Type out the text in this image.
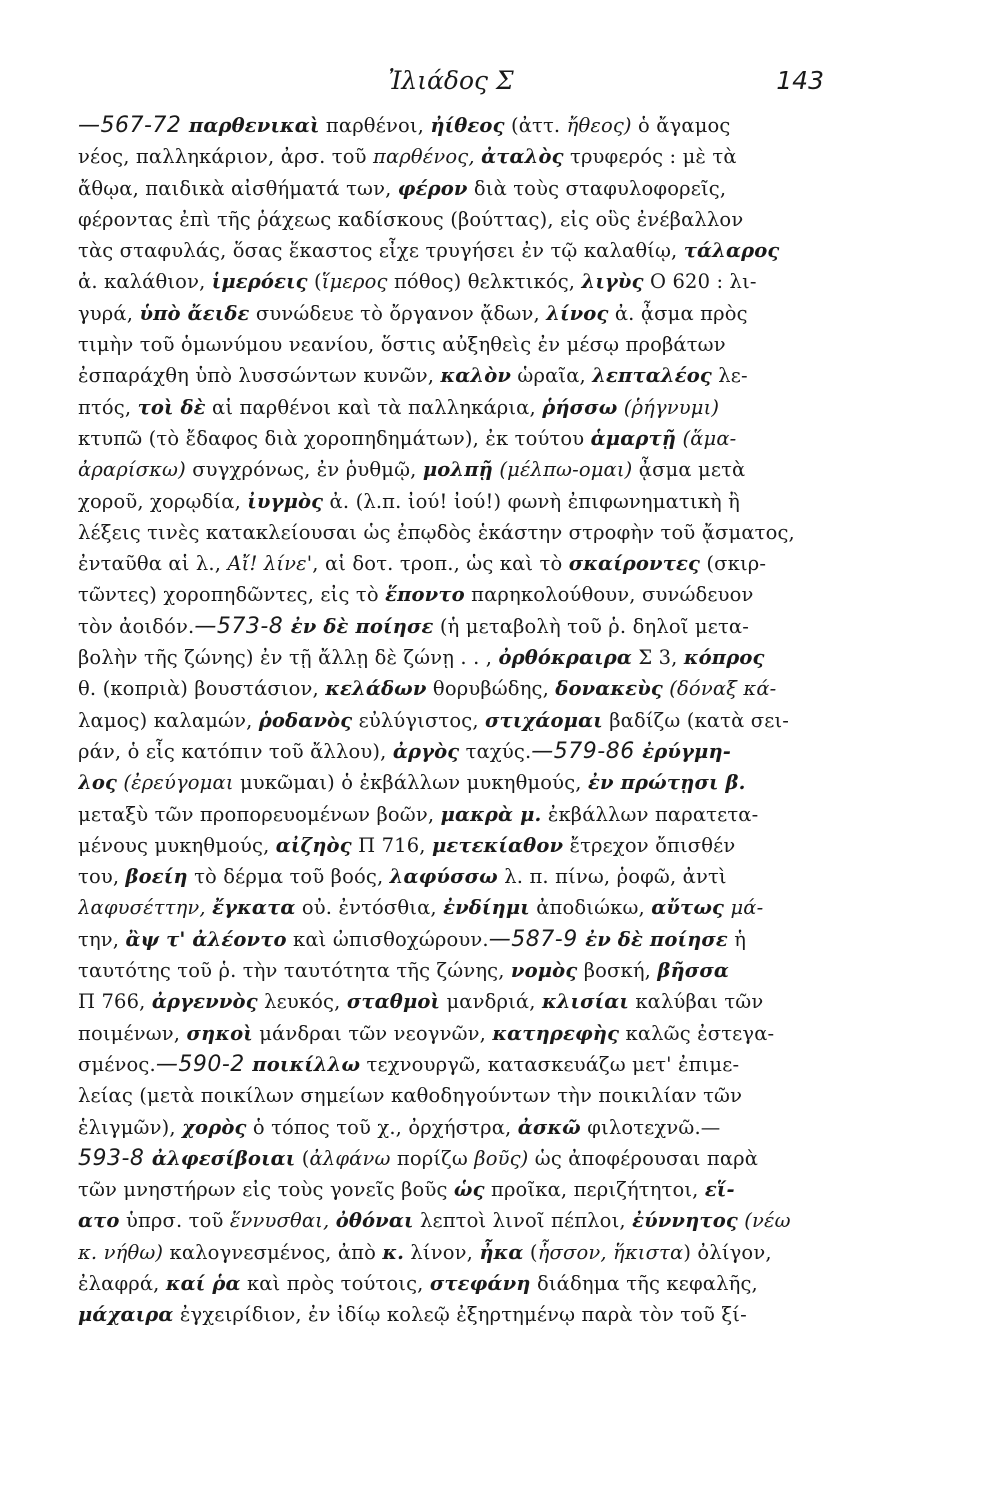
Ἰλιάδος Σ	143
—567-72 παρθενικαὶ παρθένοι, ἠίθεος (ἀττ. ἤθεος) ὁ ἄγαμος
νέος, παλληκάριον, ἀρσ. τοῦ παρθένος, ἀταλὸς τρυφερός : μὲ τὰ
ἄθῳα, παιδικὰ αἰσθήματά των, φέρον διὰ τοὺς σταφυλοφορεῖς,
φέροντας ἐπὶ τῆς ῥάχεως καδίσκους (βούττας), εἰς οὓς ἐνέβαλλον
τὰς σταφυλάς, ὅσας ἕκαστος εἶχε τρυγήσει ἐν τῷ καλαθίῳ, τάλαρος
ἀ. καλάθιον, ἱμερόεις (ἵμερος πόθος) θελκτικός, λιγὺς Ο 620 : λι-
γυρά, ὑπὸ ἄειδε συνώδευε τὸ ὄργανον ᾄδων, λίνος ἀ. ᾆσμα πρὸς
τιμὴν τοῦ ὁμωνύμου νεανίου, ὅστις αὐξηθεὶς ἐν μέσῳ προβάτων
ἐσπαράχθη ὑπὸ λυσσώντων κυνῶν, καλὸν ὡραῖα, λεπταλέος λε-
πτός, τοὶ δὲ αἱ παρθένοι καὶ τὰ παλληκάρια, ῥήσσω (ῥήγνυμι)
κτυπῶ (τὸ ἔδαφος διὰ χοροπηδημάτων), ἐκ τούτου ἁμαρτῇ (ἅμα-
ἀραρίσκω) συγχρόνως, ἐν ῥυθμῷ, μολπῇ (μέλπω-ομαι) ᾆσμα μετὰ
χοροῦ, χορῳδία, ἰυγμὸς ἀ. (λ.π. ἰού! ἰού!) φωνὴ ἐπιφωνηματικὴ ἢ
λέξεις τινὲς κατακλείουσαι ὡς ἐπῳδὸς ἑκάστην στροφὴν τοῦ ᾄσματος,
ἐνταῦθα αἱ λ., Αἴ! λίνε', αἱ δοτ. τροπ., ὡς καὶ τὸ σκαίροντες (σκιρ-
τῶντες) χοροπηδῶντες, εἰς τὸ ἕποντο παρηκολούθουν, συνώδευον
τὸν ἀοιδόν.—573-8 ἐν δὲ ποίησε (ἡ μεταβολὴ τοῦ ῥ. δηλοῖ μετα-
βολὴν τῆς ζώνης) ἐν τῇ ἄλλῃ δὲ ζώνῃ . . , ὀρθόκραιρα Σ 3, κόπρος
θ. (κοπριὰ) βουστάσιον, κελάδων θορυβώδης, δονακεὺς (δόναξ κά-
λαμος) καλαμών, ῥοδανὸς εὐλύγιστος, στιχάομαι βαδίζω (κατὰ σει-
ράν, ὁ εἷς κατόπιν τοῦ ἄλλου), ἀργὸς ταχύς.—579-86 ἐρύγμη-
λος (ἐρεύγομαι μυκῶμαι) ὁ ἐκβάλλων μυκηθμούς, ἐν πρώτῃσι β.
μεταξὺ τῶν προπορευομένων βοῶν, μακρὰ μ. ἐκβάλλων παρατετα-
μένους μυκηθμούς, αἰζηὸς Π 716, μετεκίαθον ἔτρεχον ὄπισθέν
του, βοείη τὸ δέρμα τοῦ βοός, λαφύσσω λ. π. πίνω, ῥοφῶ, ἀντὶ
λαφυσέττην, ἔγκατα οὐ. ἐντόσθια, ἐνδίημι ἀποδιώκω, αὔτως μά-
την, ἂψ τ' ἀλέοντο καὶ ὠπισθοχώρουν.—587-9 ἐν δὲ ποίησε ἡ
ταυτότης τοῦ ῥ. τὴν ταυτότητα τῆς ζώνης, νομὸς βοσκή, βῆσσα
Π 766, ἀργεννὸς λευκός, σταθμοὶ μανδριά, κλισίαι καλύβαι τῶν
ποιμένων, σηκοὶ μάνδραι τῶν νεογνῶν, κατηρεφὴς καλῶς ἐστεγα-
σμένος.—590-2 ποικίλλω τεχνουργῶ, κατασκευάζω μετ' ἐπιμε-
λείας (μετὰ ποικίλων σημείων καθοδηγούντων τὴν ποικιλίαν τῶν
ἑλιγμῶν), χορὸς ὁ τόπος τοῦ χ., ὀρχήστρα, ἀσκῶ φιλοτεχνῶ.—
593-8 ἀλφεσίβοιαι (ἀλφάνω πορίζω βοῦς) ὡς ἀποφέρουσαι παρὰ
τῶν μνηστήρων εἰς τοὺς γονεῖς βοῦς ὡς προῖκα, περιζήτητοι, εἵ-
ατο ὑπρσ. τοῦ ἕννυσθαι, ὀθόναι λεπτοὶ λινοῖ πέπλοι, ἐύννητος (νέω
κ. νήθω) καλογνεσμένος, ἀπὸ κ. λίνον, ἦκα (ἧσσον, ἥκιστα) ὀλίγον,
ἐλαφρά, καί ῥα καὶ πρὸς τούτοις, στεφάνη διάδημα τῆς κεφαλῆς,
μάχαιρα ἐγχειρίδιον, ἐν ἰδίῳ κολεῷ ἐξηρτημένῳ παρὰ τὸν τοῦ ξί-
